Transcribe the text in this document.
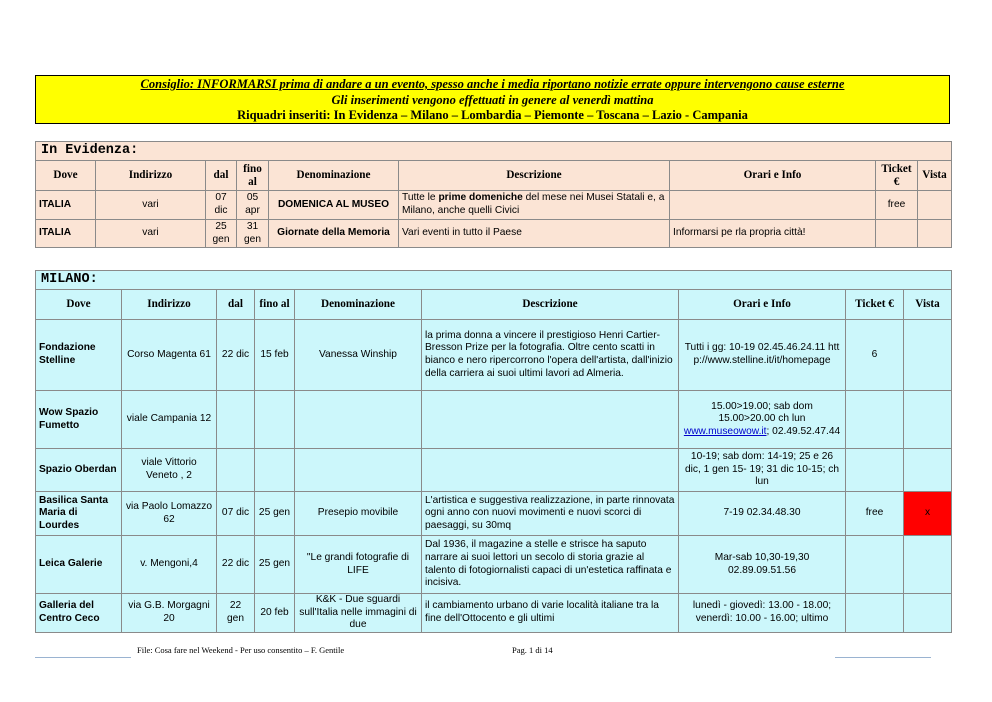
Consiglio: INFORMARSI prima di andare a un evento, spesso anche i media riportano notizie errate oppure intervengono cause esterne
Gli inserimenti vengono effettuati in genere al venerdì mattina
Riquadri inseriti: In Evidenza – Milano – Lombardia – Piemonte – Toscana – Lazio - Campania
In Evidenza:								
Dove	Indirizzo	dal	fino al	Denominazione	Descrizione	Orari e Info	Ticket €	Vista
ITALIA	vari	07 dic	05 apr	DOMENICA AL MUSEO	Tutte le prime domeniche del mese nei Musei Statali e, a Milano, anche quelli Civici		free	
ITALIA	vari	25 gen	31 gen	Giornate della Memoria	Vari eventi in tutto il Paese	Informarsi pe rla propria città!		
MILANO:								
Dove	Indirizzo	dal	fino al	Denominazione	Descrizione	Orari e Info	Ticket €	Vista
Fondazione Stelline	Corso Magenta 61	22 dic	15 feb	Vanessa Winship	la prima donna a vincere il prestigioso Henri Cartier-Bresson Prize per la fotografia. Oltre cento scatti in bianco e nero ripercorrono l'opera dell'artista, dall'inizio della carriera ai suoi ultimi lavori ad Almeria.	Tutti i gg: 10-19 02.45.46.24.11 http://www.stelline.it/it/homepage	6	
Wow Spazio Fumetto	viale Campania 12					15.00>19.00; sab dom 15.00>20.00 ch lun www.museowow.it; 02.49.52.47.44		
Spazio Oberdan	viale Vittorio Veneto , 2					10-19; sab dom: 14-19; 25 e 26 dic, 1 gen 15- 19; 31 dic 10-15; ch lun		
Basilica Santa Maria di Lourdes	via Paolo Lomazzo 62	07 dic	25 gen	Presepio movibile	L'artistica e suggestiva realizzazione, in parte rinnovata ogni anno con nuovi movimenti e nuovi scorci di paesaggi, su 30mq	7-19 02.34.48.30	free	x
Leica Galerie	v. Mengoni,4	22 dic	25 gen	"Le grandi fotografie di LIFE	Dal 1936, il magazine a stelle e strisce ha saputo narrare ai suoi lettori un secolo di storia grazie al talento di fotogiornalisti capaci di un'estetica raffinata e incisiva.	Mar-sab 10,30-19,30 02.89.09.51.56		
Galleria del Centro Ceco	via G.B. Morgagni 20	22 gen	20 feb	K&K - Due sguardi sull'Italia nelle immagini di due	il cambiamento urbano di varie località italiane tra la fine dell'Ottocento e gli ultimi	lunedì - giovedì: 13.00 - 18.00; venerdì: 10.00 - 16.00; ultimo		
File: Cosa fare nel Weekend - Per uso consentito – F. Gentile	Pag. 1 di 14
